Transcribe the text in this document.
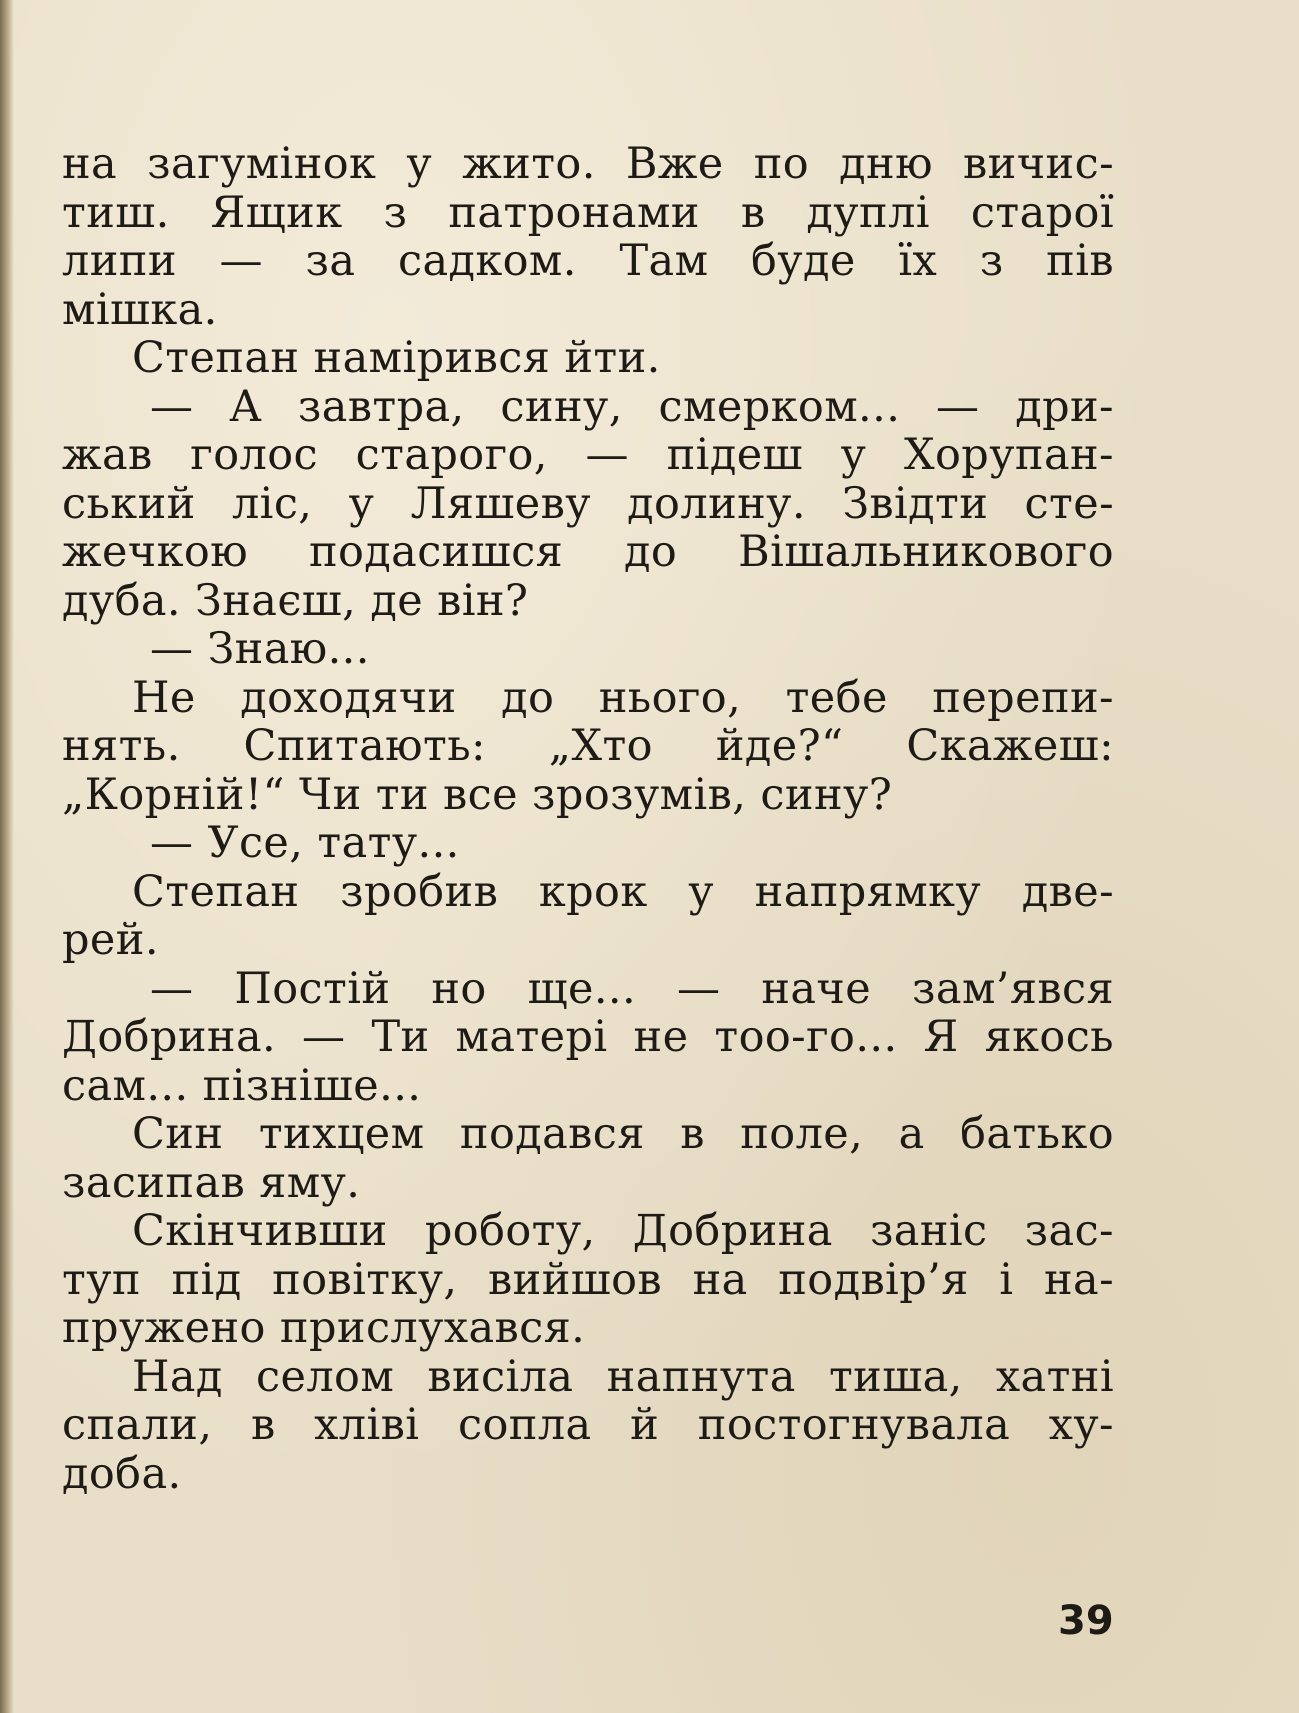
на загумінок у жито. Вже по дню вичис-
тиш. Ящик з патронами в дуплі старої
липи — за садком. Там буде їх з пів
мішка.
Степан намірився йти.
— А завтра, сину, смерком... — дри-
жав голос старого, — підеш у Хорупан-
ський ліс, у Ляшеву долину. Звідти сте-
жечкою подасишся до Вішальникового
дуба. Знаєш, де він?
— Знаю...
Не доходячи до нього, тебе перепи-
нять. Спитають: „Хто йде?“ Скажеш:
„Корній!“ Чи ти все зрозумів, сину?
— Усе, тату...
Степан зробив крок у напрямку две-
рей.
— Постій но ще... — наче зам’явся
Добрина. — Ти матері не тоо-го... Я якось
сам... пізніше...
Син тихцем подався в поле, а батько
засипав яму.
Скінчивши роботу, Добрина заніс зас-
туп під повітку, вийшов на подвір’я і на-
пружено прислухався.
Над селом висіла напнута тиша, хатні
спали, в хліві сопла й постогнувала ху-
доба.
39
